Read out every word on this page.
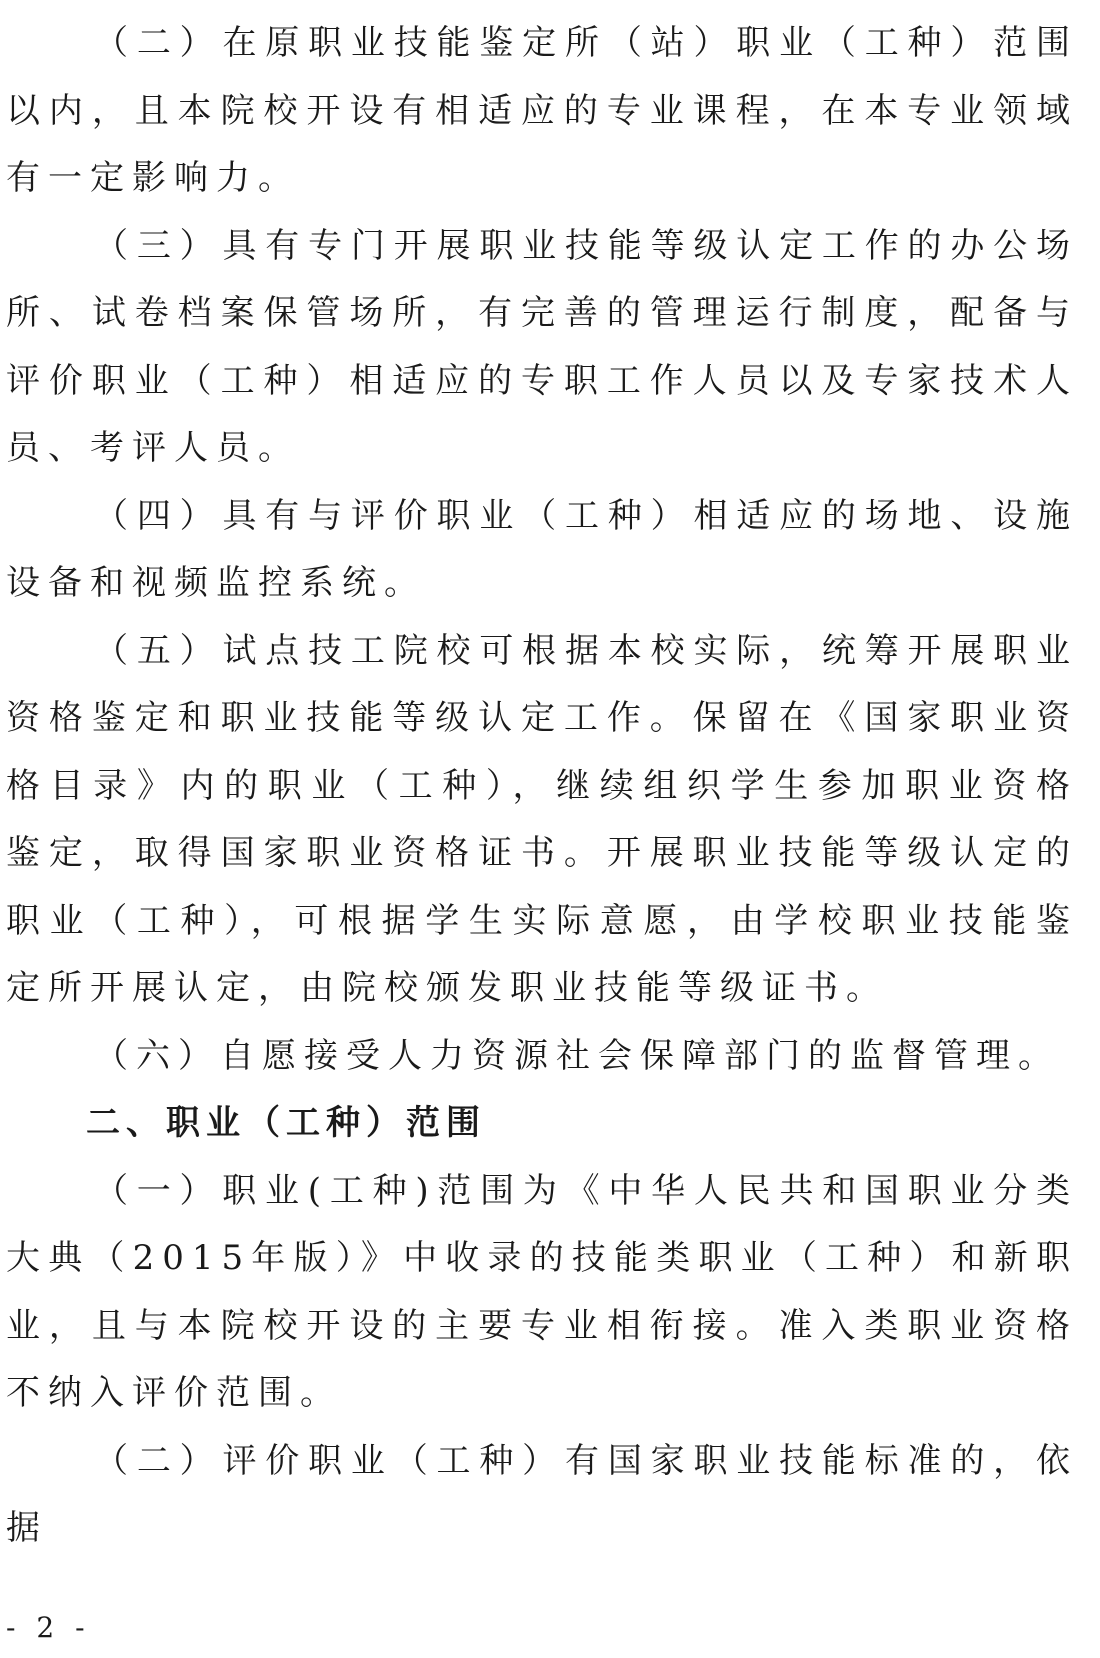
（二）在原职业技能鉴定所（站）职业（工种）范围以内，且本院校开设有相适应的专业课程，在本专业领域有一定影响力。

（三）具有专门开展职业技能等级认定工作的办公场所、试卷档案保管场所，有完善的管理运行制度，配备与评价职业（工种）相适应的专职工作人员以及专家技术人员、考评人员。

（四）具有与评价职业（工种）相适应的场地、设施设备和视频监控系统。

（五）试点技工院校可根据本校实际，统筹开展职业资格鉴定和职业技能等级认定工作。保留在《国家职业资格目录》内的职业（工种），继续组织学生参加职业资格鉴定，取得国家职业资格证书。开展职业技能等级认定的职业（工种），可根据学生实际意愿，由学校职业技能鉴定所开展认定，由院校颁发职业技能等级证书。

（六）自愿接受人力资源社会保障部门的监督管理。

二、职业（工种）范围

（一）职业(工种)范围为《中华人民共和国职业分类大典（2015年版）》中收录的技能类职业（工种）和新职业，且与本院校开设的主要专业相衔接。准入类职业资格不纳入评价范围。

（二）评价职业（工种）有国家职业技能标准的，依据

- 2 -
